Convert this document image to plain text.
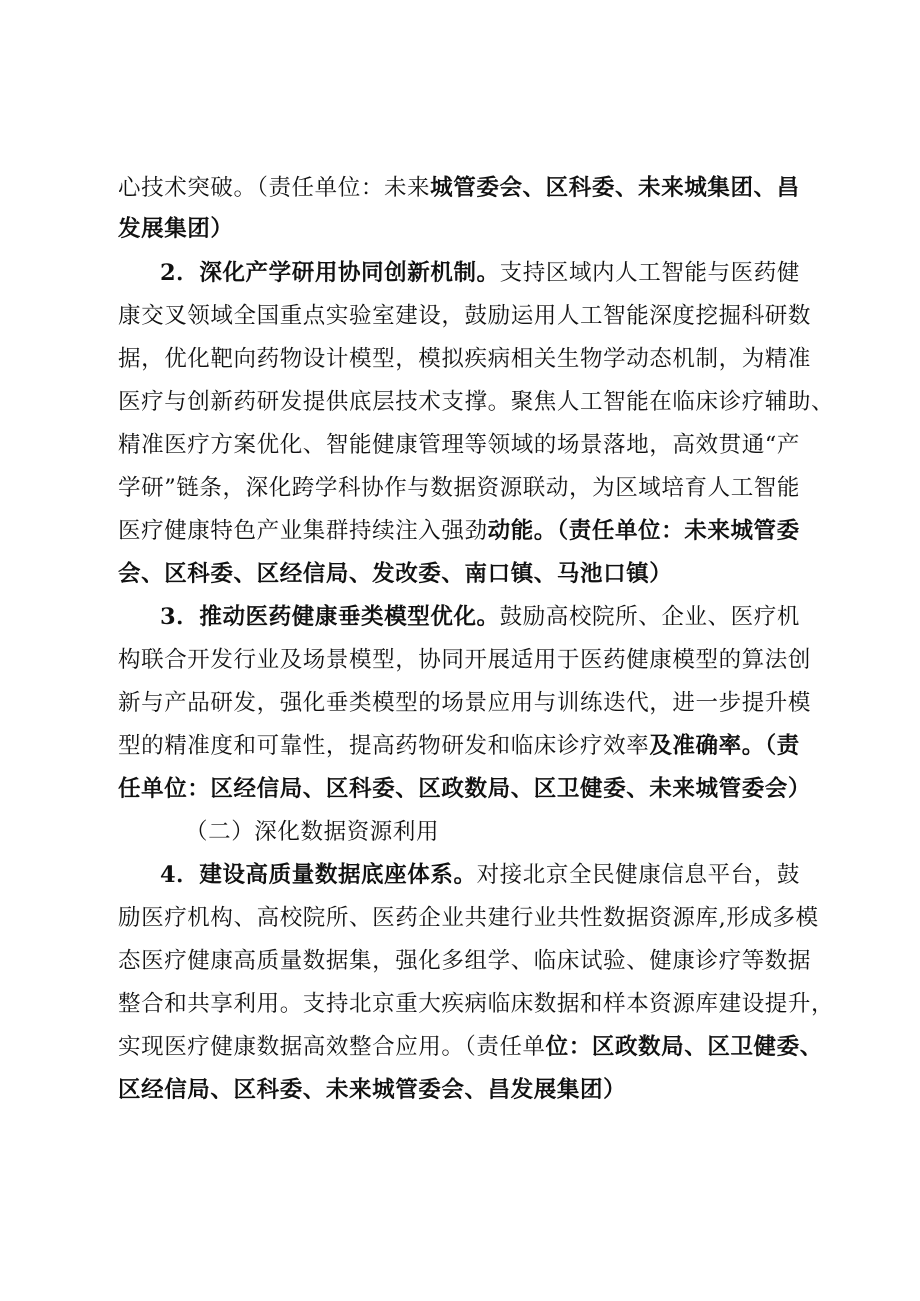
心技术突破。（责任单位：未来城管委会、区科委、未来城集团、昌
发展集团）
2．深化产学研用协同创新机制。支持区域内人工智能与医药健
康交叉领域全国重点实验室建设，鼓励运用人工智能深度挖掘科研数
据，优化靶向药物设计模型，模拟疾病相关生物学动态机制，为精准
医疗与创新药研发提供底层技术支撑。聚焦人工智能在临床诊疗辅助、
精准医疗方案优化、智能健康管理等领域的场景落地，高效贯通“产
学研”链条，深化跨学科协作与数据资源联动，为区域培育人工智能
医疗健康特色产业集群持续注入强劲动能。（责任单位：未来城管委
会、区科委、区经信局、发改委、南口镇、马池口镇）
3．推动医药健康垂类模型优化。鼓励高校院所、企业、医疗机
构联合开发行业及场景模型，协同开展适用于医药健康模型的算法创
新与产品研发，强化垂类模型的场景应用与训练迭代，进一步提升模
型的精准度和可靠性，提高药物研发和临床诊疗效率及准确率。（责
任单位：区经信局、区科委、区政数局、区卫健委、未来城管委会）
（二）深化数据资源利用
4．建设高质量数据底座体系。对接北京全民健康信息平台，鼓
励医疗机构、高校院所、医药企业共建行业共性数据资源库,形成多模
态医疗健康高质量数据集，强化多组学、临床试验、健康诊疗等数据
整合和共享利用。支持北京重大疾病临床数据和样本资源库建设提升，
实现医疗健康数据高效整合应用。（责任单位：区政数局、区卫健委、
区经信局、区科委、未来城管委会、昌发展集团）
